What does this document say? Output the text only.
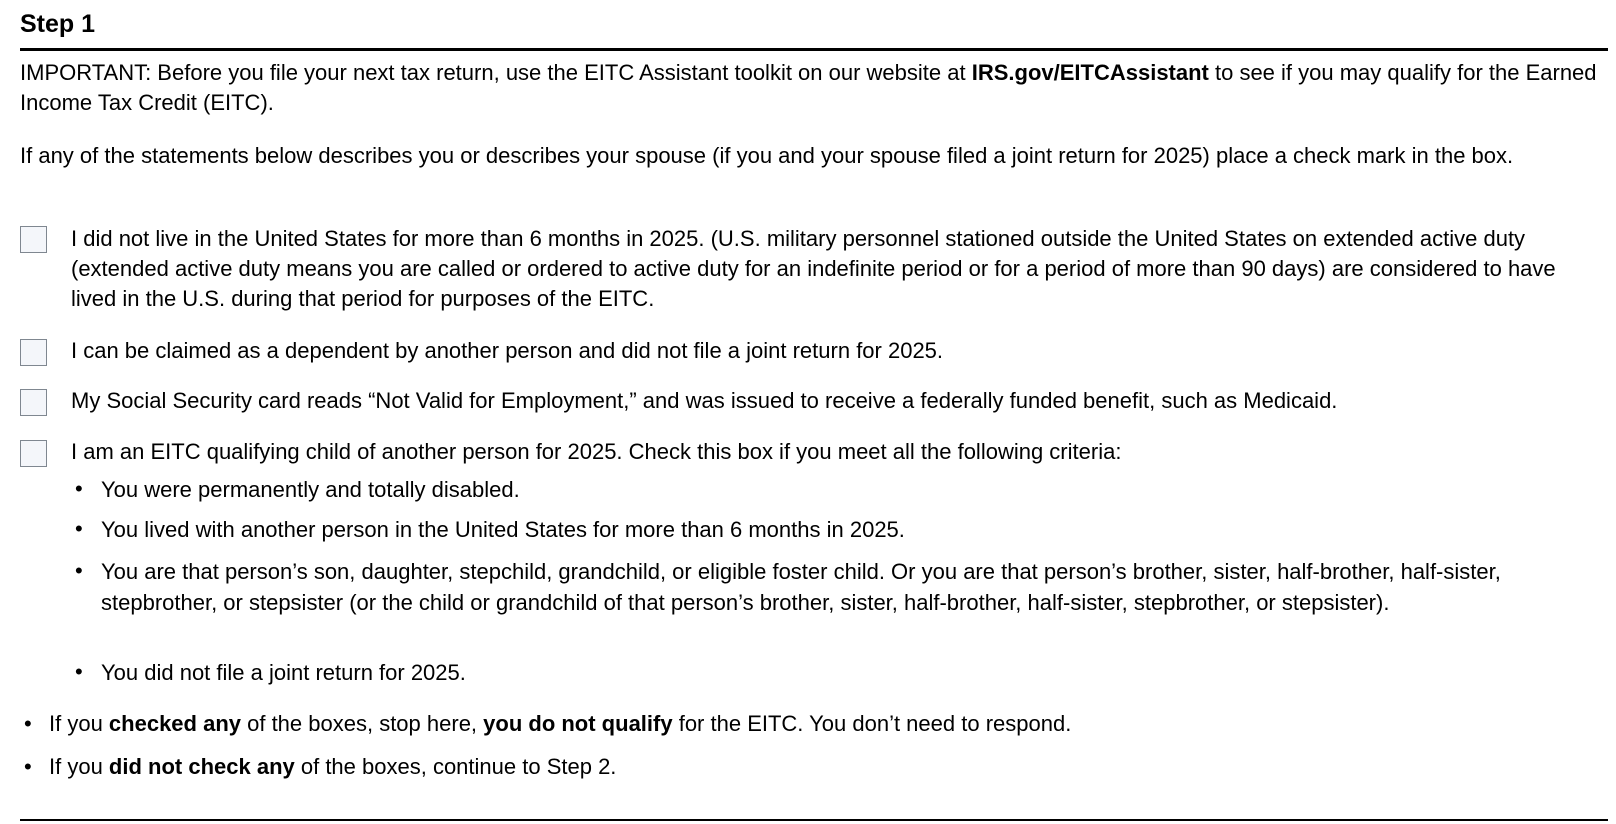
Step 1
IMPORTANT: Before you file your next tax return, use the EITC Assistant toolkit on our website at IRS.gov/EITCAssistant to see if you may qualify for the Earned Income Tax Credit (EITC).
If any of the statements below describes you or describes your spouse (if you and your spouse filed a joint return for 2025) place a check mark in the box.
I did not live in the United States for more than 6 months in 2025. (U.S. military personnel stationed outside the United States on extended active duty (extended active duty means you are called or ordered to active duty for an indefinite period or for a period of more than 90 days) are considered to have lived in the U.S. during that period for purposes of the EITC.
I can be claimed as a dependent by another person and did not file a joint return for 2025.
My Social Security card reads “Not Valid for Employment,” and was issued to receive a federally funded benefit, such as Medicaid.
I am an EITC qualifying child of another person for 2025. Check this box if you meet all the following criteria:
• You were permanently and totally disabled.
• You lived with another person in the United States for more than 6 months in 2025.
• You are that person’s son, daughter, stepchild, grandchild, or eligible foster child. Or you are that person’s brother, sister, half-brother, half-sister, stepbrother, or stepsister (or the child or grandchild of that person’s brother, sister, half-brother, half-sister, stepbrother, or stepsister).
• You did not file a joint return for 2025.
• If you checked any of the boxes, stop here, you do not qualify for the EITC. You don’t need to respond.
• If you did not check any of the boxes, continue to Step 2.
